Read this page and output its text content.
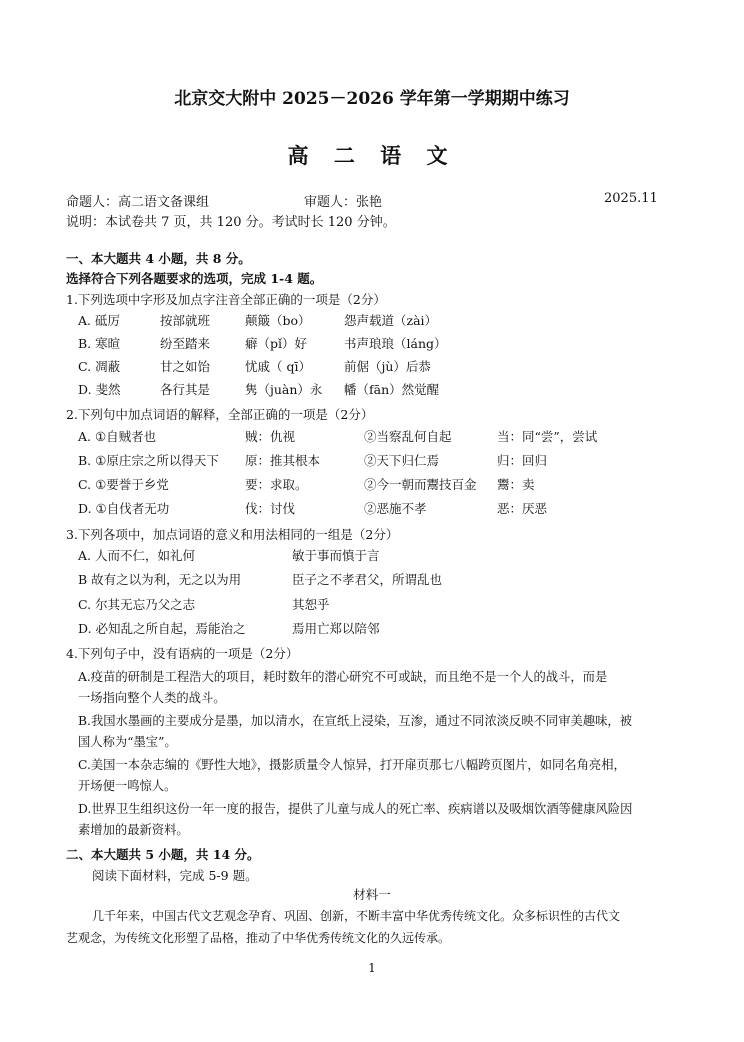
北京交大附中 2025－2026 学年第一学期期中练习
高 二 语 文
命题人：高二语文备课组	审题人：张艳	2025.11
说明：本试卷共 7 页，共 120 分。考试时长 120 分钟。
一、本大题共 4 小题，共 8 分。
选择符合下列各题要求的选项，完成 1-4 题。
1.下列选项中字形及加点字注音全部正确的一项是（2分）
A. 砥厉	按部就班	颠簸（bo）	怨声载道（zài）
B. 寒暄	纷至踏来	癖（pǐ）好	书声琅琅（láng）
C. 凋蔽	甘之如饴	忧戚（ qī）	前倨（jù）后恭
D. 斐然	各行其是	隽（juàn）永 幡（fān）然觉醒
2.下列句中加点词语的解释，全部正确的一项是（2分）
A. ①自贼者也	贼：仇视	②当察乱何自起	当：同“尝”，尝试
B. ①原庄宗之所以得天下 原：推其根本	②天下归仁焉	归：回归
C. ①要誉于乡党	要：求取。	②今一朝而鬻技百金 鬻：卖
D. ①自伐者无功	伐：讨伐	②恶施不孝	恶：厌恶
3.下列各项中，加点词语的意义和用法相同的一组是（2分）
A. 人而不仁，如礼何	敏于事而慎于言
B 故有之以为利，无之以为用	臣子之不孝君父，所谓乱也
C. 尔其无忘乃父之志	其恕乎
D. 必知乱之所自起，焉能治之	焉用亡郑以陪邻
4.下列句子中，没有语病的一项是（2分）
A.疫苗的研制是工程浩大的项目，耗时数年的潜心研究不可或缺，而且绝不是一个人的战斗，而是
一场指向整个人类的战斗。
B.我国水墨画的主要成分是墨，加以清水，在宣纸上浸染，互渗，通过不同浓淡反映不同审美趣味，被
国人称为“墨宝”。
C.美国一本杂志编的《野性大地》，摄影质量令人惊异，打开扉页那七八幅跨页图片，如同名角亮相，
开场便一鸣惊人。
D.世界卫生组织这份一年一度的报告，提供了儿童与成人的死亡率、疾病谱以及吸烟饮酒等健康风险因
素增加的最新资料。
二、本大题共 5 小题，共 14 分。
阅读下面材料，完成 5-9 题。
材料一
几千年来，中国古代文艺观念孕育、巩固、创新，不断丰富中华优秀传统文化。众多标识性的古代文
艺观念，为传统文化形塑了品格，推动了中华优秀传统文化的久远传承。
1
